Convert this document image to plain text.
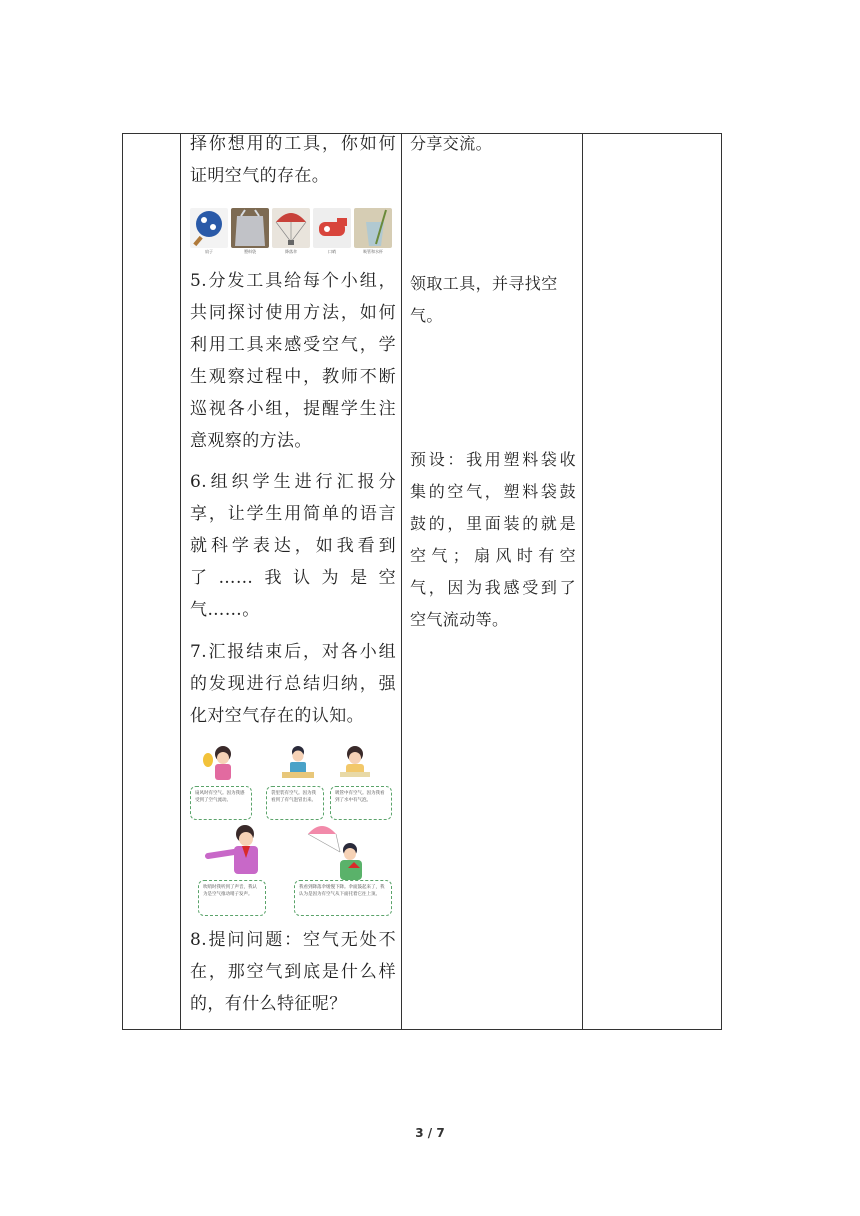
择你想用的工具，你如何
证明空气的存在。
扇子	塑料袋	降落伞	口哨	吸管和水杯
5.分发工具给每个小组，
共同探讨使用方法，如何
利用工具来感受空气，学
生观察过程中，教师不断
巡视各小组，提醒学生注
意观察的方法。
6.组织学生进行汇报分
享，让学生用简单的语言
就科学表达，如我看到
了……我认为是空
气……。
7.汇报结束后，对各小组
的发现进行总结归纳，强
化对空气存在的认知。
扇风时有空气。因为我感受到了空气流动。
袋里装有空气。因为我看到了有气泡冒出来。
吸管中有空气。因为我看到了水中有气泡。
吹哨时我听到了声音，我认为是空气推动哨子发声。
我看到降落伞缓慢下降。伞面鼓起来了，我认为是因为有空气从下面托着它往上顶。
8.提问问题：空气无处不
在，那空气到底是什么样
的，有什么特征呢？
分享交流。
领取工具，并寻找空气。
预设：我用塑料袋收
集的空气，塑料袋鼓
鼓的，里面装的就是
空气；扇风时有空
气，因为我感受到了
空气流动等。
3 / 7
